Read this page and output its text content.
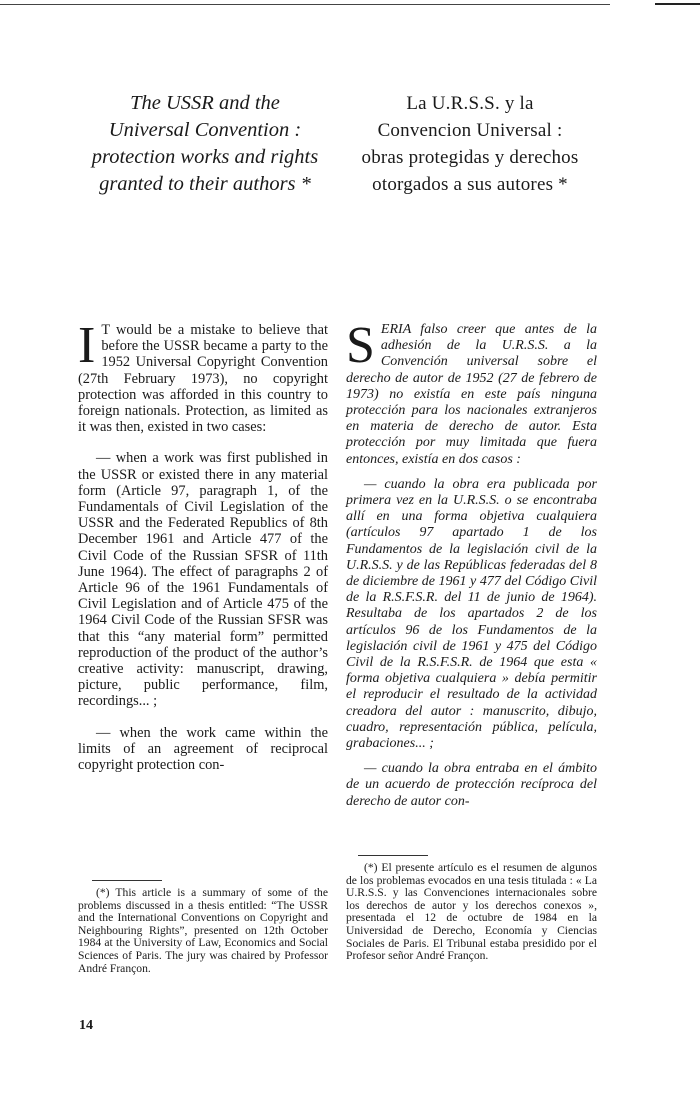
The USSR and the
Universal Convention :
protection works and rights
granted to their authors *
La U.R.S.S. y la
Convencion Universal :
obras protegidas y derechos
otorgados a sus autores *

I T would be a mistake to believe that before the USSR became a party to the 1952 Universal Copyright Convention (27th February 1973), no copyright protection was afforded in this country to foreign nationals. Protection, as limited as it was then, existed in two cases:

— when a work was first published in the USSR or existed there in any material form (Article 97, paragraph 1, of the Fundamentals of Civil Legislation of the USSR and the Federated Republics of 8th December 1961 and Article 477 of the Civil Code of the Russian SFSR of 11th June 1964). The effect of paragraphs 2 of Article 96 of the 1961 Fundamentals of Civil Legislation and of Article 475 of the 1964 Civil Code of the Russian SFSR was that this “any material form” permitted reproduction of the product of the author’s creative activity: manuscript, drawing, picture, public performance, film, recordings... ;

— when the work came within the limits of an agreement of reciprocal copyright protection con-

SERIA falso creer que antes de la adhesión de la U.R.S.S. a la Convención universal sobre el derecho de autor de 1952 (27 de febrero de 1973) no existía en este país ninguna protección para los nacionales extranjeros en materia de derecho de autor. Esta protección por muy limitada que fuera entonces, existía en dos casos :

— cuando la obra era publicada por primera vez en la U.R.S.S. o se encontraba allí en una forma objetiva cualquiera (artículos 97 apartado 1 de los Fundamentos de la legislación civil de la U.R.S.S. y de las Repúblicas federadas del 8 de diciembre de 1961 y 477 del Código Civil de la R.S.F.S.R. del 11 de junio de 1964). Resultaba de los apartados 2 de los artículos 96 de los Fundamentos de la legislación civil de 1961 y 475 del Código Civil de la R.S.F.S.R. de 1964 que esta « forma objetiva cualquiera » debía permitir el reproducir el resultado de la actividad creadora del autor : manuscrito, dibujo, cuadro, representación pública, película, grabaciones... ;

— cuando la obra entraba en el ámbito de un acuerdo de protección recíproca del derecho de autor con-

(*) This article is a summary of some of the problems discussed in a thesis entitled: “The USSR and the International Conventions on Copyright and Neighbouring Rights”, presented on 12th October 1984 at the University of Law, Economics and Social Sciences of Paris. The jury was chaired by Professor André Françon.

(*) El presente artículo es el resumen de algunos de los problemas evocados en una tesis titulada : « La U.R.S.S. y las Convenciones internacionales sobre los derechos de autor y los derechos conexos », presentada el 12 de octubre de 1984 en la Universidad de Derecho, Economía y Ciencias Sociales de Paris. El Tribunal estaba presidido por el Profesor señor André Françon.

14
